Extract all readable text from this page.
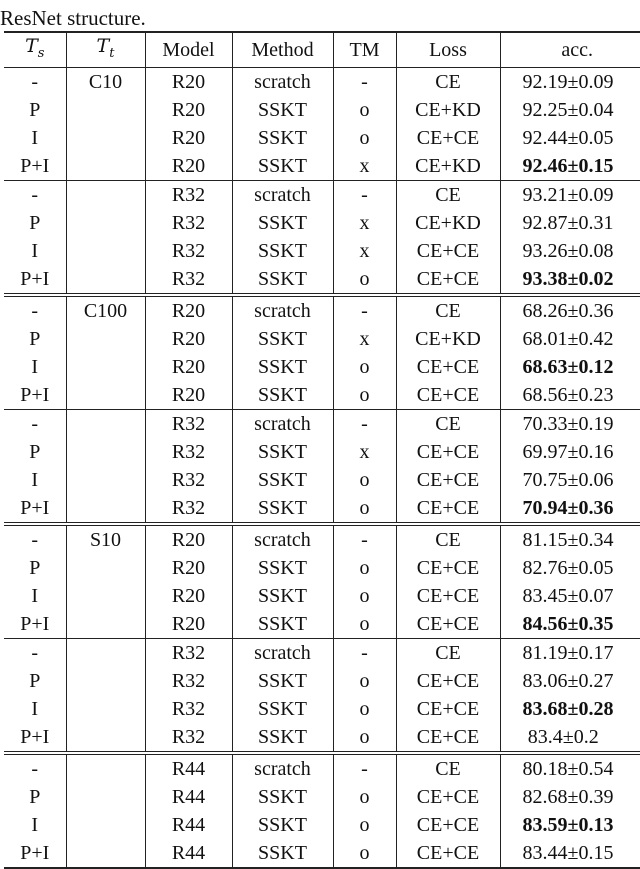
ResNet structure.
$T_s$	$T_t$	Model	Method	TM	Loss	acc.
-	C10	R20	scratch	-	CE	92.19±0.09
P		R20	SSKT	o	CE+KD	92.25±0.04
I		R20	SSKT	o	CE+CE	92.44±0.05
P+I		R20	SSKT	x	CE+KD	92.46±0.15
-		R32	scratch	-	CE	93.21±0.09
P		R32	SSKT	x	CE+KD	92.87±0.31
I		R32	SSKT	x	CE+CE	93.26±0.08
P+I		R32	SSKT	o	CE+CE	93.38±0.02
-	C100	R20	scratch	-	CE	68.26±0.36
P		R20	SSKT	x	CE+KD	68.01±0.42
I		R20	SSKT	o	CE+CE	68.63±0.12
P+I		R20	SSKT	o	CE+CE	68.56±0.23
-		R32	scratch	-	CE	70.33±0.19
P		R32	SSKT	x	CE+CE	69.97±0.16
I		R32	SSKT	o	CE+CE	70.75±0.06
P+I		R32	SSKT	o	CE+CE	70.94±0.36
-	S10	R20	scratch	-	CE	81.15±0.34
P		R20	SSKT	o	CE+CE	82.76±0.05
I		R20	SSKT	o	CE+CE	83.45±0.07
P+I		R20	SSKT	o	CE+CE	84.56±0.35
-		R32	scratch	-	CE	81.19±0.17
P		R32	SSKT	o	CE+CE	83.06±0.27
I		R32	SSKT	o	CE+CE	83.68±0.28
P+I		R32	SSKT	o	CE+CE	83.4±0.2
-		R44	scratch	-	CE	80.18±0.54
P		R44	SSKT	o	CE+CE	82.68±0.39
I		R44	SSKT	o	CE+CE	83.59±0.13
P+I		R44	SSKT	o	CE+CE	83.44±0.15
